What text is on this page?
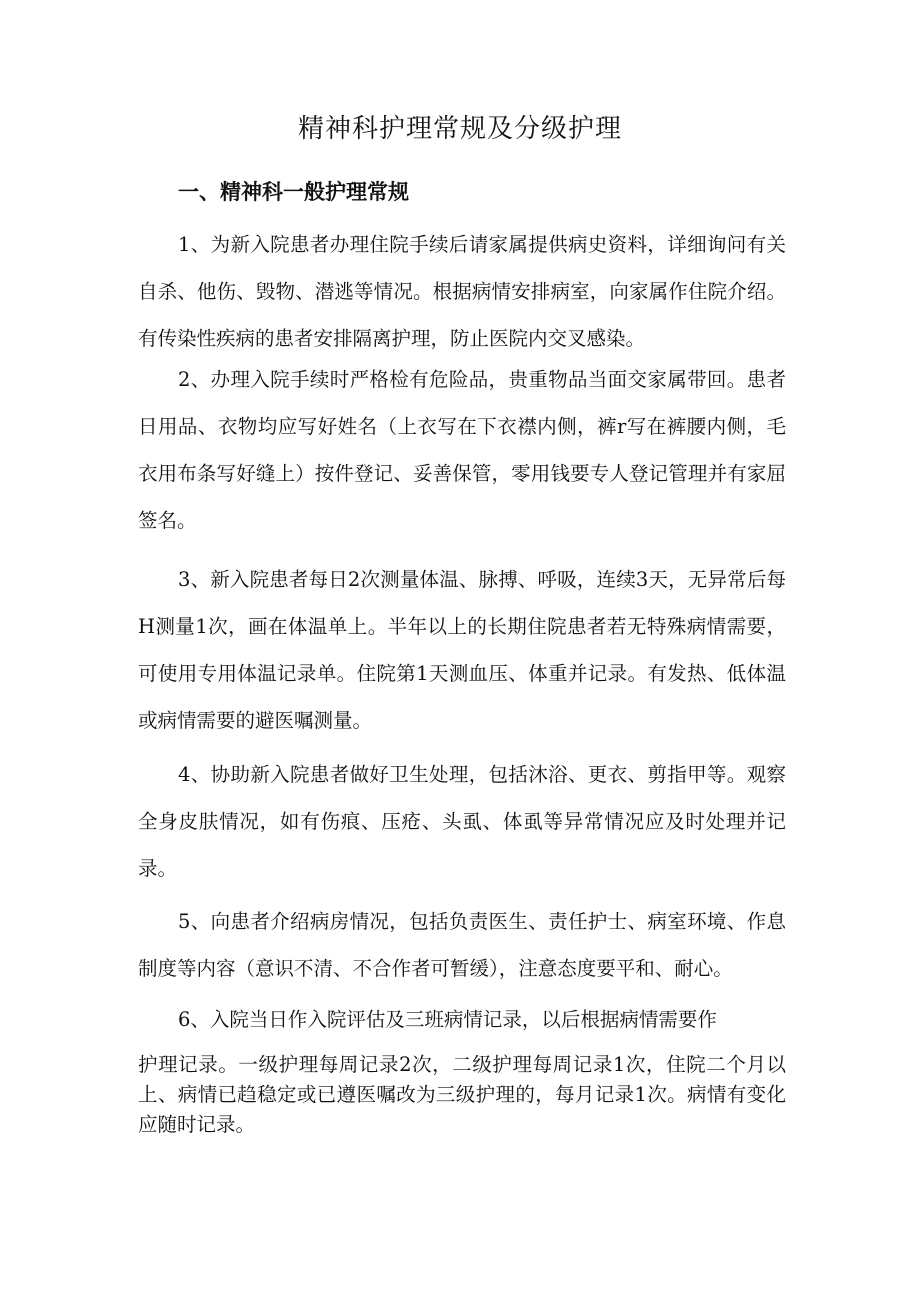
精神科护理常规及分级护理
一、精神科一般护理常规

1、为新入院患者办理住院手续后请家属提供病史资料，详细询问有关自杀、他伤、毁物、潜逃等情况。根据病情安排病室，向家属作住院介绍。有传染性疾病的患者安排隔离护理，防止医院内交叉感染。

2、办理入院手续时严格检有危险品，贵重物品当面交家属带回。患者日用品、衣物均应写好姓名（上衣写在下衣襟内侧，裤r写在裤腰内侧，毛衣用布条写好缝上）按件登记、妥善保管，零用钱要专人登记管理并有家屈签名。

3、新入院患者每日2次测量体温、脉搏、呼吸，连续3天，无异常后每H测量1次，画在体温单上。半年以上的长期住院患者若无特殊病情需要，可使用专用体温记录单。住院第1天测血压、体重并记录。有发热、低体温或病情需要的避医嘱测量。

4、协助新入院患者做好卫生处理，包括沐浴、更衣、剪指甲等。观察全身皮肤情况，如有伤痕、压疮、头虱、体虱等异常情况应及时处理并记录。

5、向患者介绍病房情况，包括负责医生、责任护士、病室环境、作息制度等内容（意识不清、不合作者可暂缓），注意态度要平和、耐心。

6、入院当日作入院评估及三班病情记录，以后根据病情需要作

护理记录。一级护理每周记录2次，二级护理每周记录1次，住院二个月以上、病情已趋稳定或已遵医嘱改为三级护理的，每月记录1次。病情有变化应随时记录。
